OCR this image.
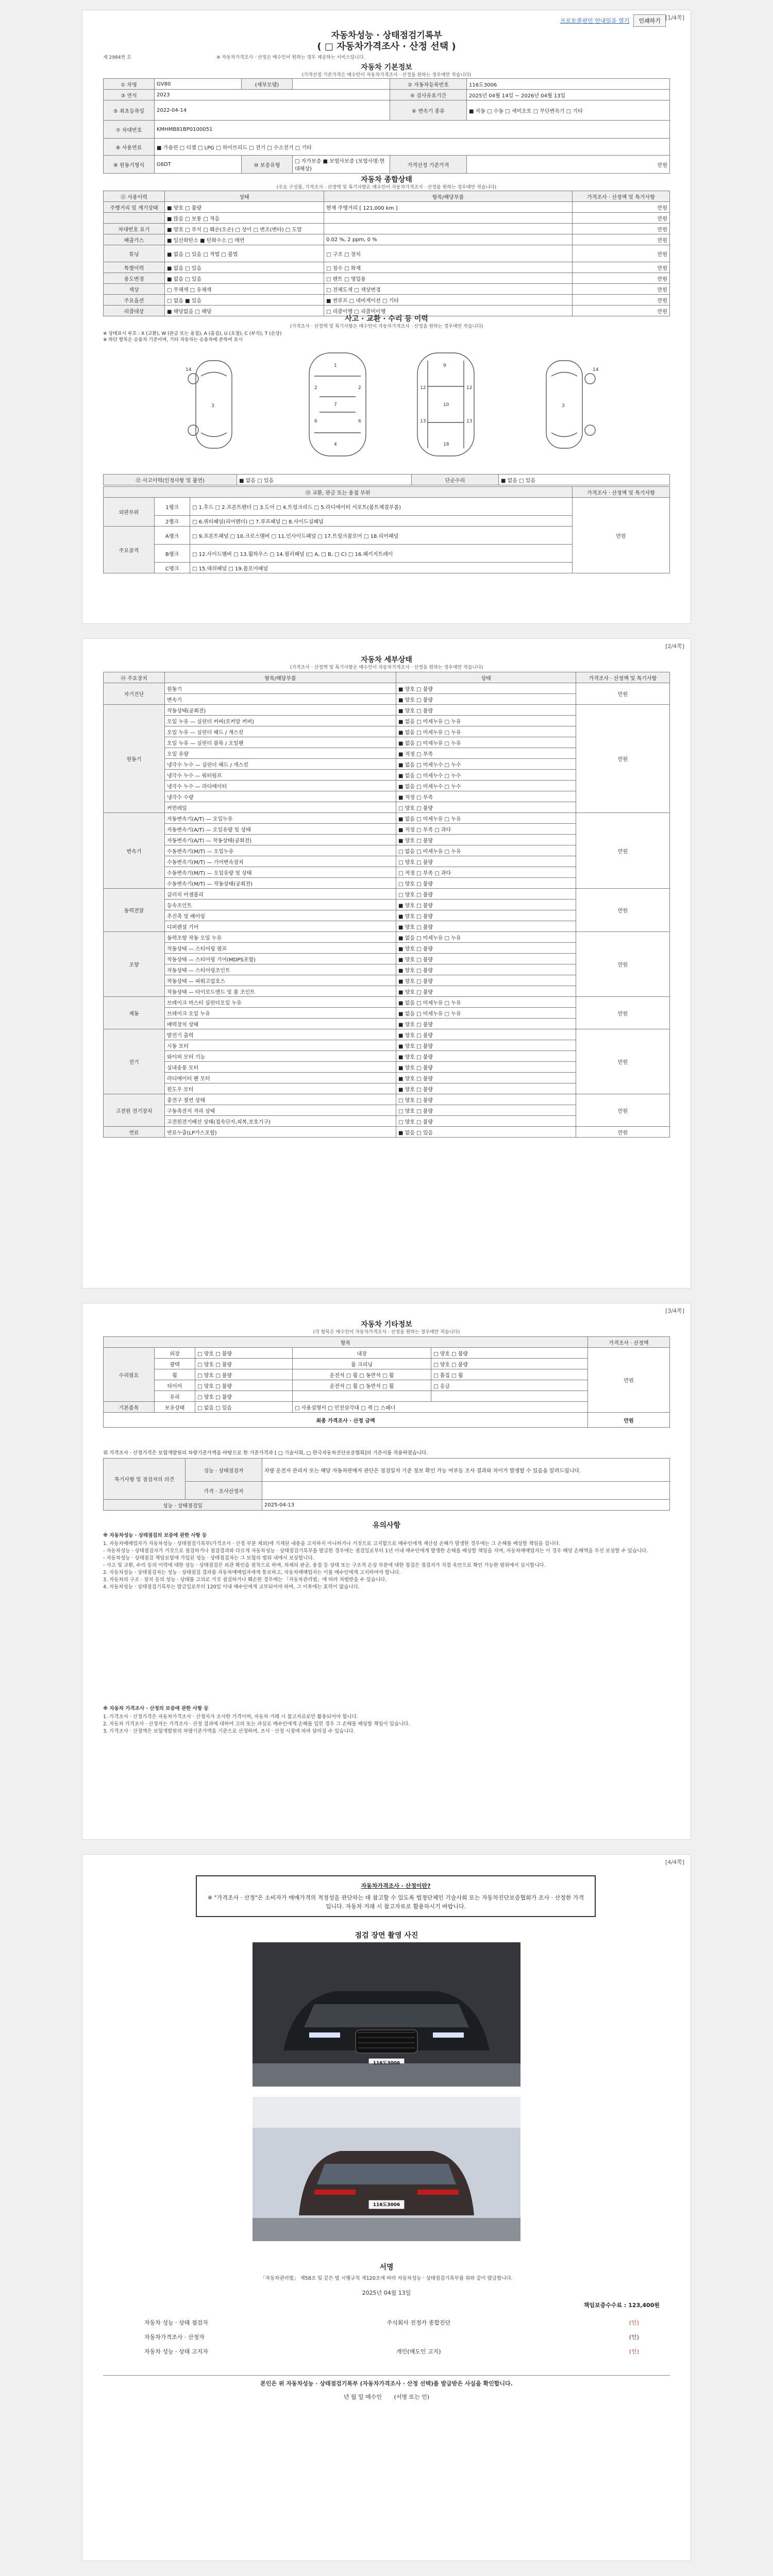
프로토콜판인 안내일을 열기	인쇄하기 [1/4쪽]
자동차성능 · 상태점검기록부
( □ 자동차가격조사 · 산정 선택 )
제 2984번 호	※ 자동차가격조사 · 산정은 매수인이 원하는 경우 제공하는 서비스입니다.
자동차 기본정보
(가격산정 기준가격은 매수인이 자동차가격조사 · 산정을 원하는 경우에만 적습니다)
① 차명	GV80	(세부모델)		② 자동차등록번호	116도3006
③ 연식	2023			④ 검사유효기간	2025년 04월 14일 ~ 2026년 04월 13일
⑤ 최초등록일	2022-04-14			⑥ 변속기 종류	■ 자동 □ 수동 □ 세미오토 □ 무단변속기 □ 기타
⑦ 차대번호	KMHMB81BP0100051				
⑧ 사용연료	■ 가솔린 □ 디젤 □ LPG □ 하이브리드 □ 전기 □ 수소전기 □ 기타				
⑨ 원동기형식	G6DT	⑩ 보증유형	□ 자가보증 ■ 보험사보증 (보험사명:현대해상)	가격산정 기준가격	만원
자동차 종합상태
(주요 구성품, 가격조사 · 산정액 및 특기사항은 매수인이 자동차가격조사 · 산정을 원하는 경우에만 적습니다)
⑪ 사용이력	상태	항목/해당부품	가격조사 · 산정액 및 특기사항
주행거리 및 계기상태	■ 양호 □ 불량	현재 주행거리 [ 121,000 km ]	만원
	■ 많음 □ 보통 □ 적음		만원
차대번호 표기	■ 양호 □ 부식 □ 훼손(오손) □ 상이 □ 변조(변타) □ 도말		만원
배출가스	■ 일산화탄소 ■ 탄화수소 □ 매연	0.02 %, 2 ppm, 0 %	만원
튜닝	■ 없음 □ 있음 □ 적법 □ 불법	□ 구조 □ 장치	만원
특별이력	■ 없음 □ 있음	□ 침수 □ 화재	만원
용도변경	■ 없음 □ 있음	□ 렌트 □ 영업용	만원
색상	□ 무채색 □ 유채색	□ 전체도색 □ 색상변경	만원
주요옵션	□ 없음 ■ 있음	■ 썬루프 □ 네비게이션 □ 기타	만원
리콜대상	■ 해당없음 □ 해당	□ 리콜이행 □ 리콜미이행	만원
사고 · 교환 · 수리 등 이력
(가격조사 · 산정액 및 특기사항은 매수인이 자동차가격조사 · 산정을 원하는 경우에만 적습니다)
※ 상태표시 부호 : X (교환), W (판금 또는 용접), A (흠집), U (요철), C (부식), T (손상)
※ 하단 항목은 승용차 기준이며, 기타 자동차는 승용차에 준하여 표시
1
7
4
2	2
6	6
9
10
18
12	12
13	13
3	3
14	14
⑫ 사고이력(인정사항 및 불연)	■ 없음 □ 있음	단순수리	■ 없음 □ 있음
⑬ 교환, 판금 또는 용접 부위			가격조사 · 산정액 및 특기사항
외판부위	1랭크	□ 1.후드 □ 2.프론트펜더 □ 3.도어 □ 4.트렁크리드 □ 5.라디에이터 서포트(볼트체결부품)	만원
	2랭크	□ 6.쿼터패널(리어펜더) □ 7.루프패널 □ 8.사이드실패널	
주요골격	A랭크	□ 9.프론트패널 □ 10.크로스멤버 □ 11.인사이드패널 □ 17.트렁크플로어 □ 18.리어패널	
	B랭크	□ 12.사이드멤버 □ 13.휠하우스 □ 14.필러패널 (□ A, □ B, □ C) □ 16.패키지트레이	
	C랭크	□ 15.대쉬패널 □ 19.플로어패널	
[2/4쪽]
자동차 세부상태
(가격조사 · 산정액 및 특기사항은 매수인이 자동차가격조사 · 산정을 원하는 경우에만 적습니다)
⑭ 주요장치	항목/해당부품	상태	가격조사 · 산정액 및 특기사항
자기진단	원동기	■ 양호 □ 불량	만원
	변속기	■ 양호 □ 불량	
원동기	작동상태(공회전)	■ 양호 □ 불량	만원
	오일 누유 — 실린더 커버(로커암 커버)	■ 없음 □ 미세누유 □ 누유	
	오일 누유 — 실린더 헤드 / 개스킷	■ 없음 □ 미세누유 □ 누유	
	오일 누유 — 실린더 블록 / 오일팬	■ 없음 □ 미세누유 □ 누유	
	오일 유량	■ 적정 □ 부족	
	냉각수 누수 — 실린더 헤드 / 개스킷	■ 없음 □ 미세누수 □ 누수	
	냉각수 누수 — 워터펌프	■ 없음 □ 미세누수 □ 누수	
	냉각수 누수 — 라디에이터	■ 없음 □ 미세누수 □ 누수	
	냉각수 수량	■ 적정 □ 부족	
	커먼레일	□ 양호 □ 불량	
변속기	자동변속기(A/T) — 오일누유	■ 없음 □ 미세누유 □ 누유	만원
	자동변속기(A/T) — 오일유량 및 상태	■ 적정 □ 부족 □ 과다	
	자동변속기(A/T) — 작동상태(공회전)	■ 양호 □ 불량	
	수동변속기(M/T) — 오일누유	□ 없음 □ 미세누유 □ 누유	
	수동변속기(M/T) — 기어변속장치	□ 양호 □ 불량	
	수동변속기(M/T) — 오일유량 및 상태	□ 적정 □ 부족 □ 과다	
	수동변속기(M/T) — 작동상태(공회전)	□ 양호 □ 불량	
동력전달	클러치 어셈블리	□ 양호 □ 불량	만원
	등속조인트	■ 양호 □ 불량	
	추진축 및 베어링	■ 양호 □ 불량	
	디퍼렌셜 기어	■ 양호 □ 불량	
조향	동력조향 작동 오일 누유	■ 없음 □ 미세누유 □ 누유	만원
	작동상태 — 스티어링 펌프	■ 양호 □ 불량	
	작동상태 — 스티어링 기어(MDPS포함)	■ 양호 □ 불량	
	작동상태 — 스티어링조인트	■ 양호 □ 불량	
	작동상태 — 파워고압호스	■ 양호 □ 불량	
	작동상태 — 타이로드엔드 및 볼 조인트	■ 양호 □ 불량	
제동	브레이크 마스터 실린더오일 누유	■ 없음 □ 미세누유 □ 누유	만원
	브레이크 오일 누유	■ 없음 □ 미세누유 □ 누유	
	배력장치 상태	■ 양호 □ 불량	
전기	발전기 출력	■ 양호 □ 불량	만원
	시동 모터	■ 양호 □ 불량	
	와이퍼 모터 기능	■ 양호 □ 불량	
	실내송풍 모터	■ 양호 □ 불량	
	라디에이터 팬 모터	■ 양호 □ 불량	
	윈도우 모터	■ 양호 □ 불량	
고전원 전기장치	충전구 절연 상태	□ 양호 □ 불량	만원
	구동축전지 격리 상태	□ 양호 □ 불량	
	고전원전기배선 상태(접속단자,피복,보호기구)	□ 양호 □ 불량	
연료	연료누출(LP가스포함)	■ 없음 □ 있음	만원
[3/4쪽]
자동차 기타정보
(각 항목은 매수인이 자동차가격조사 · 산정을 원하는 경우에만 적습니다)
항목					가격조사 · 산정액
수리필요	외장	□ 양호 □ 불량	내장	□ 양호 □ 불량	만원
	광택	□ 양호 □ 불량	룸 크리닝	□ 양호 □ 불량	
	휠	□ 양호 □ 불량	운전석 □ 휠 □ 동반석 □ 휠	□ 흡집 □ 휠	
	타이어	□ 양호 □ 불량	운전석 □ 휠 □ 동반석 □ 휠	□ 응급	
	유리	□ 양호 □ 불량			
기본품목	보유상태	□ 없음 □ 있음	□ 사용설명서 □ 안전삼각대 □ 잭 □ 스패너		
최종 가격조사 · 산정 금액					만원
위 가격조사 · 산정가격은 보험개발원의 차량기준가액을 바탕으로 한 기준가격과 [ □ 기술사회, □ 한국자동차진단보증협회]의 기준서를 적용하였습니다.
특기사항 및 점검자의 의견	성능 · 상태점검자	차량 운전자 관리자 또는 해당 자동차판매자 판단은 점검일자 기준 정보 확인 가능 여부등 조사 결과와 차이가 발생할 수 있음을 알려드립니다.
	가격 · 조사산정자	
성능 · 상태점검일		2025-04-13
유의사항
※ 자동차성능 · 상태점검의 보증에 관한 사항 등
1. 자동차매매업자가 자동차성능 · 상태점검기록부(가격조사 · 산정 부분 제외)에 기재된 내용을 고지하지 아니하거나 거짓으로 고지함으로 매수인에게 재산상 손해가 발생한 경우에는 그 손해를 배상할 책임을 집니다.
- 자동차성능 · 상태점검자가 거짓으로 점검하거나 점검결과와 다르게 자동차성능 · 상태점검기록부를 발급한 경우에는 점검일로부터 1년 이내 매수인에게 발생한 손해를 배상할 책임을 지며, 자동차매매업자는 이 경우 해당 손해액을 우선 보상할 수 있습니다.
- 자동차성능 · 상태점검 책임보험에 가입된 성능 · 상태점검자는 그 보험의 범위 내에서 보상합니다.
- 사고 및 교환, 수리 등의 이력에 대한 성능 · 상태점검은 외관 확인을 원칙으로 하며, 차체의 판금, 용접 등 상태 또는 구조적 손상 부분에 대한 점검은 점검자가 직접 육안으로 확인 가능한 범위에서 실시합니다.
2. 자동차성능 · 상태점검자는 성능 · 상태점검 결과를 자동차매매업자에게 통보하고, 자동차매매업자는 이를 매수인에게 고지하여야 합니다.
3. 자동차의 구조 · 장치 등의 성능 · 상태를 고의로 거짓 점검하거나 훼손한 경우에는 「자동차관리법」에 따라 처벌받을 수 있습니다.
4. 자동차성능 · 상태점검기록부는 발급일로부터 120일 이내 매수인에게 교부되어야 하며, 그 이후에는 효력이 없습니다.
※ 자동차 가격조사 · 산정의 보증에 관한 사항 등
1. 가격조사 · 산정가격은 자동차가격조사 · 산정자가 조사한 가격이며, 자동차 거래 시 참고자료로만 활용되어야 합니다.
2. 자동차 가격조사 · 산정자는 가격조사 · 산정 결과에 대하여 고의 또는 과실로 매수인에게 손해를 입힌 경우 그 손해를 배상할 책임이 있습니다.
3. 가격조사 · 산정액은 보험개발원의 차량기준가액을 기준으로 산정하며, 조사 · 산정 시점에 따라 달라질 수 있습니다.
[4/4쪽]
자동차가격조사 · 산정이란?
※ "가격조사 · 산정"은 소비자가 매매가격의 적정성을 판단하는 데 참고할 수 있도록 법정단체인 기술사회 또는 자동차진단보증협회가 조사 · 산정한 가격입니다. 자동차 거래 시 참고자료로 활용하시기 바랍니다.
점검 장면 촬영 사진
116도3006
116도3006
서명
「자동차관리법」 제58조 및 같은 법 시행규칙 제120조에 따라 자동차성능 · 상태점검기록부를 위와 같이 발급합니다.
2025년 04월 13일
책임보증수수료 : 123,400원
자동차 성능 · 상태 점검자	주식회사 진정카 종합진단	(인)
자동차가격조사 · 산정자	(인)
자동차 성능 · 상태 고지자	개인(매도인 고지)	(인)
본인은 위 자동차성능 · 상태점검기록부 (자동차가격조사 · 산정 선택)를 발급받은 사실을 확인합니다.
년 월 일 매수인 (서명 또는 인)
